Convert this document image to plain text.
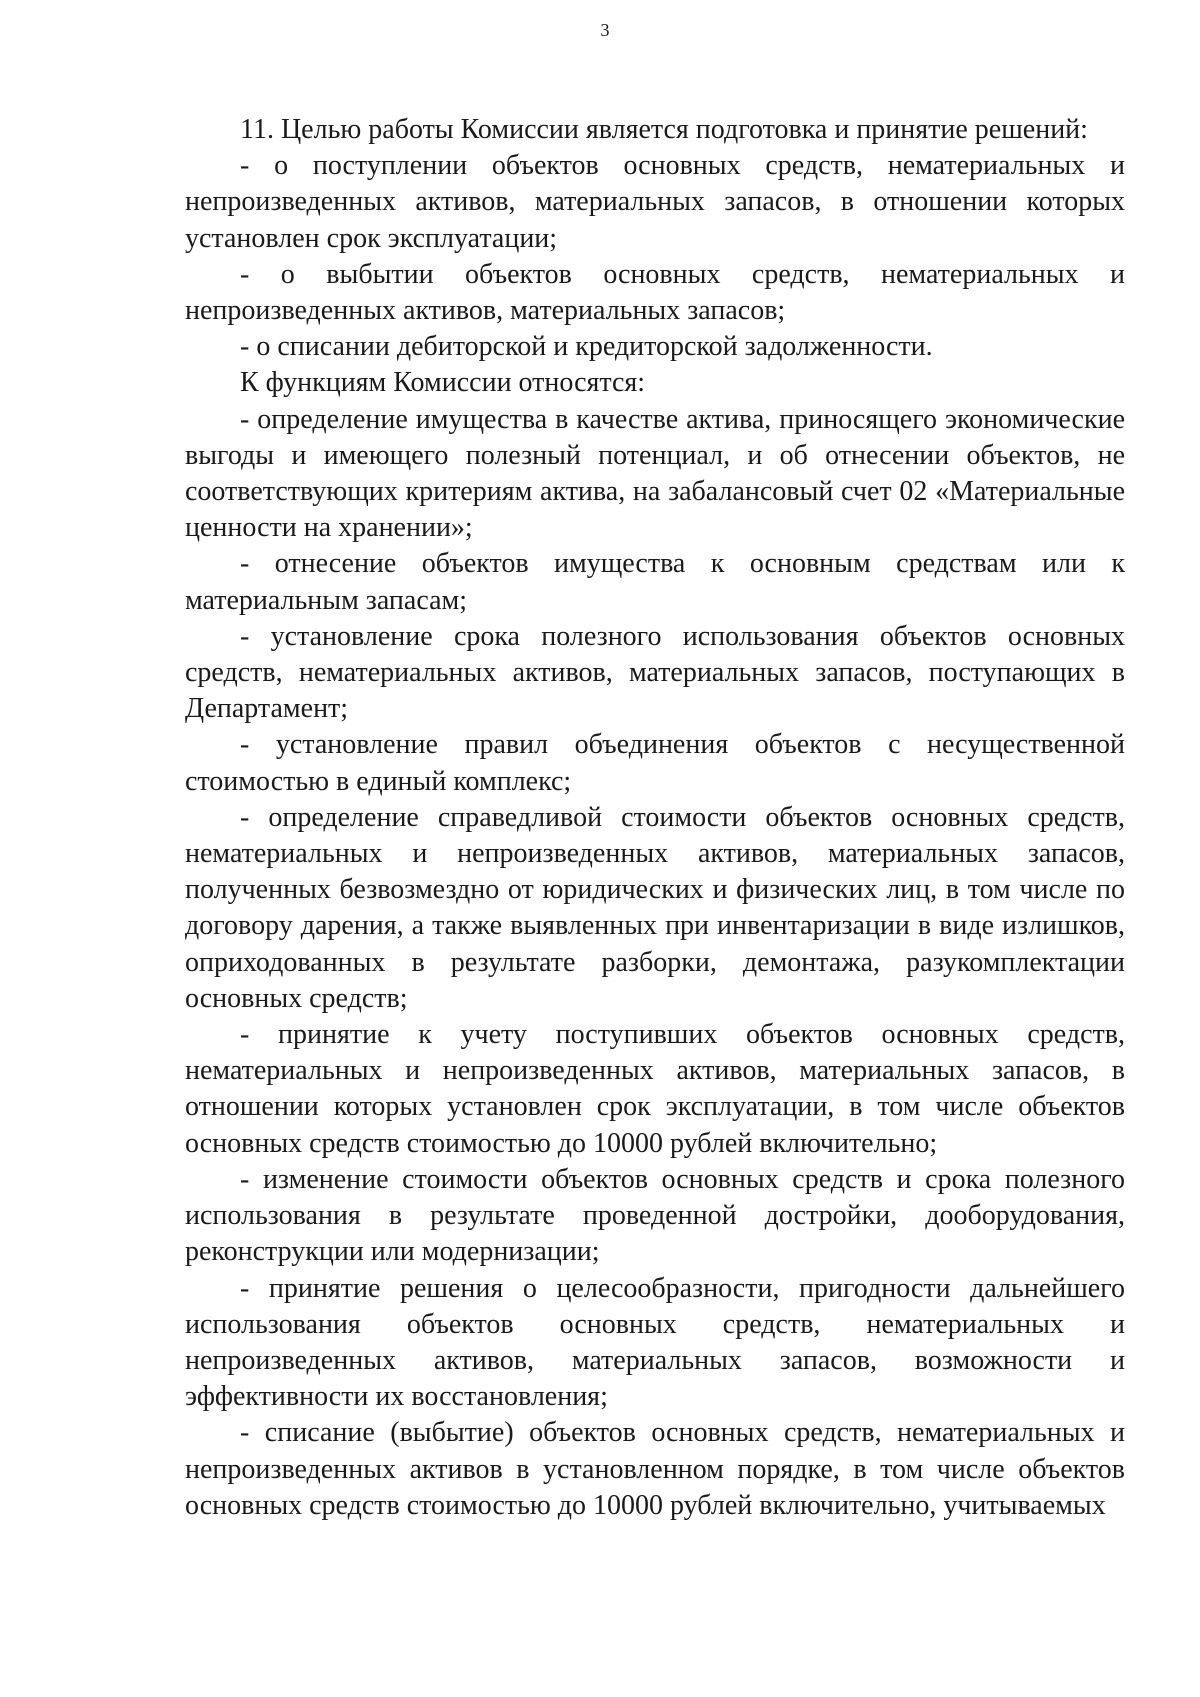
3

11. Целью работы Комиссии является подготовка и принятие решений:

- о поступлении объектов основных средств, нематериальных и непроизведенных активов, материальных запасов, в отношении которых установлен срок эксплуатации;

- о выбытии объектов основных средств, нематериальных и непроизведенных активов, материальных запасов;

- о списании дебиторской и кредиторской задолженности.

К функциям Комиссии относятся:

- определение имущества в качестве актива, приносящего экономические выгоды и имеющего полезный потенциал, и об отнесении объектов, не соответствующих критериям актива, на забалансовый счет 02 «Материальные ценности на хранении»;

- отнесение объектов имущества к основным средствам или к материальным запасам;

- установление срока полезного использования объектов основных средств, нематериальных активов, материальных запасов, поступающих в Департамент;

- установление правил объединения объектов с несущественной стоимостью в единый комплекс;

- определение справедливой стоимости объектов основных средств, нематериальных и непроизведенных активов, материальных запасов, полученных безвозмездно от юридических и физических лиц, в том числе по договору дарения, а также выявленных при инвентаризации в виде излишков, оприходованных в результате разборки, демонтажа, разукомплектации основных средств;

- принятие к учету поступивших объектов основных средств, нематериальных и непроизведенных активов, материальных запасов, в отношении которых установлен срок эксплуатации, в том числе объектов основных средств стоимостью до 10000 рублей включительно;

- изменение стоимости объектов основных средств и срока полезного использования в результате проведенной достройки, дооборудования, реконструкции или модернизации;

- принятие решения о целесообразности, пригодности дальнейшего использования объектов основных средств, нематериальных и непроизведенных активов, материальных запасов, возможности и эффективности их восстановления;

- списание (выбытие) объектов основных средств, нематериальных и непроизведенных активов в установленном порядке, в том числе объектов основных средств стоимостью до 10000 рублей включительно, учитываемых
